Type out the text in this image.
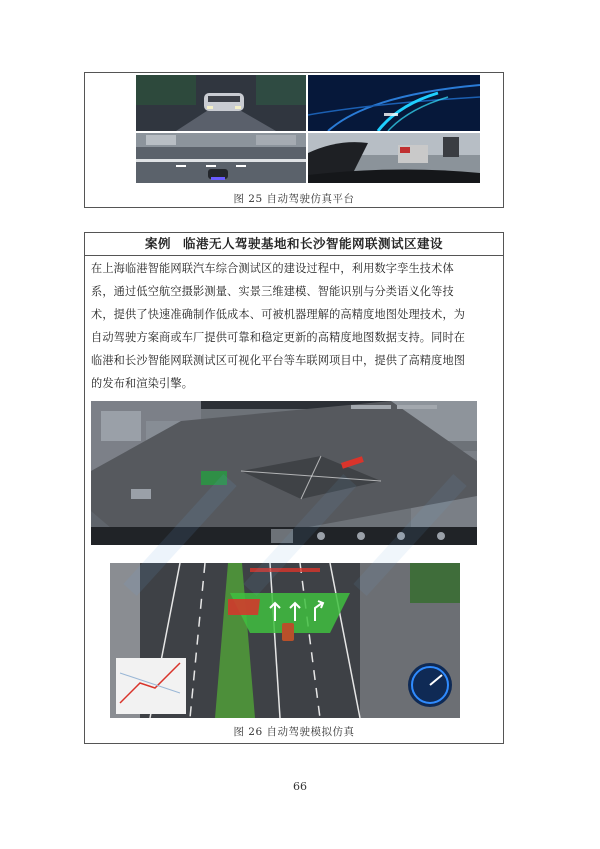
图 25 自动驾驶仿真平台
案例 临港无人驾驶基地和长沙智能网联测试区建设

在上海临港智能网联汽车综合测试区的建设过程中，利用数字孪生技术体

系，通过低空航空摄影测量、实景三维建模、智能识别与分类语义化等技

术，提供了快速准确制作低成本、可被机器理解的高精度地图处理技术，为

自动驾驶方案商或车厂提供可靠和稳定更新的高精度地图数据支持。同时在

临港和长沙智能网联测试区可视化平台等车联网项目中，提供了高精度地图

的发布和渲染引擎。

图 26 自动驾驶模拟仿真
66
